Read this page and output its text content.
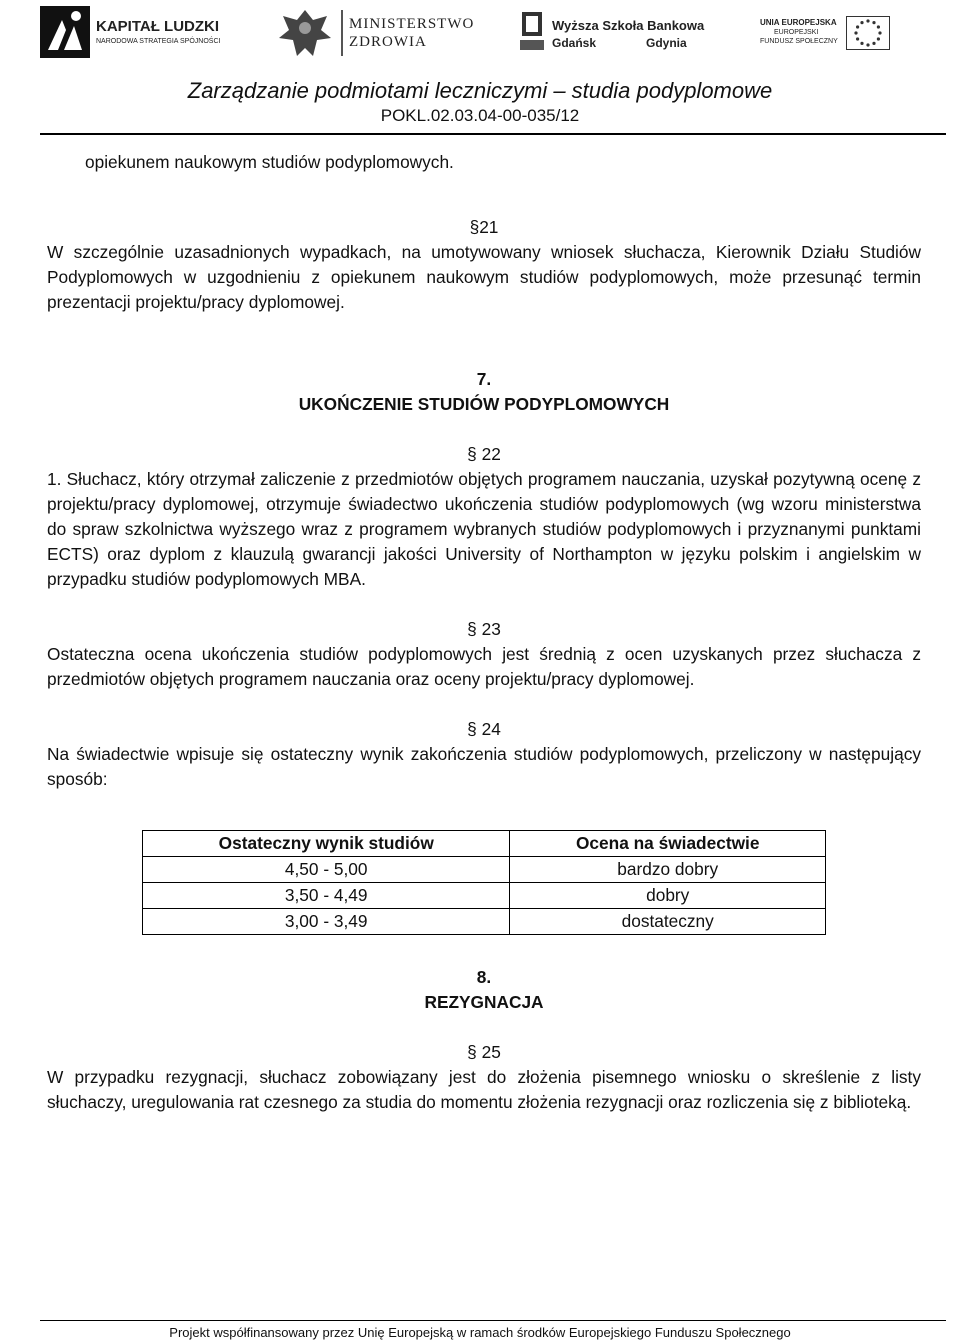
KAPITAŁ LUDZKI
NARODOWA STRATEGIA SPÓJNOŚCI
MINISTERSTWO
ZDROWIA
Wyższa Szkoła Bankowa
Gdańsk	Gdynia
UNIA EUROPEJSKA
EUROPEJSKI
FUNDUSZ SPOŁECZNY
Zarządzanie podmiotami leczniczymi – studia podyplomowe
POKL.02.03.04-00-035/12

opiekunem naukowym studiów podyplomowych.

§21

W szczególnie uzasadnionych wypadkach, na umotywowany wniosek słuchacza, Kierownik Działu Studiów Podyplomowych w uzgodnieniu z opiekunem naukowym studiów podyplomowych, może przesunąć termin prezentacji projektu/pracy dyplomowej.

7.

UKOŃCZENIE STUDIÓW PODYPLOMOWYCH

§ 22

1. Słuchacz, który otrzymał zaliczenie z przedmiotów objętych programem nauczania, uzyskał pozytywną ocenę z projektu/pracy dyplomowej, otrzymuje świadectwo ukończenia studiów podyplomowych (wg wzoru ministerstwa do spraw szkolnictwa wyższego wraz z programem wybranych studiów podyplomowych i przyznanymi punktami ECTS) oraz dyplom z klauzulą gwarancji jakości University of Northampton w języku polskim i angielskim w przypadku studiów podyplomowych MBA.

§ 23

Ostateczna ocena ukończenia studiów podyplomowych jest średnią z ocen uzyskanych przez słuchacza z przedmiotów objętych programem nauczania oraz oceny projektu/pracy dyplomowej.

§ 24

Na świadectwie wpisuje się ostateczny wynik zakończenia studiów podyplomowych, przeliczony w następujący sposób:

Ostateczny wynik studiów	Ocena na świadectwie
4,50 - 5,00	bardzo dobry
3,50 - 4,49	dobry
3,00 - 3,49	dostateczny

8.

REZYGNACJA

§ 25

W przypadku rezygnacji, słuchacz zobowiązany jest do złożenia pisemnego wniosku o skreślenie z listy słuchaczy, uregulowania rat czesnego za studia do momentu złożenia rezygnacji oraz rozliczenia się z biblioteką.

Projekt współfinansowany przez Unię Europejską w ramach środków Europejskiego Funduszu Społecznego
